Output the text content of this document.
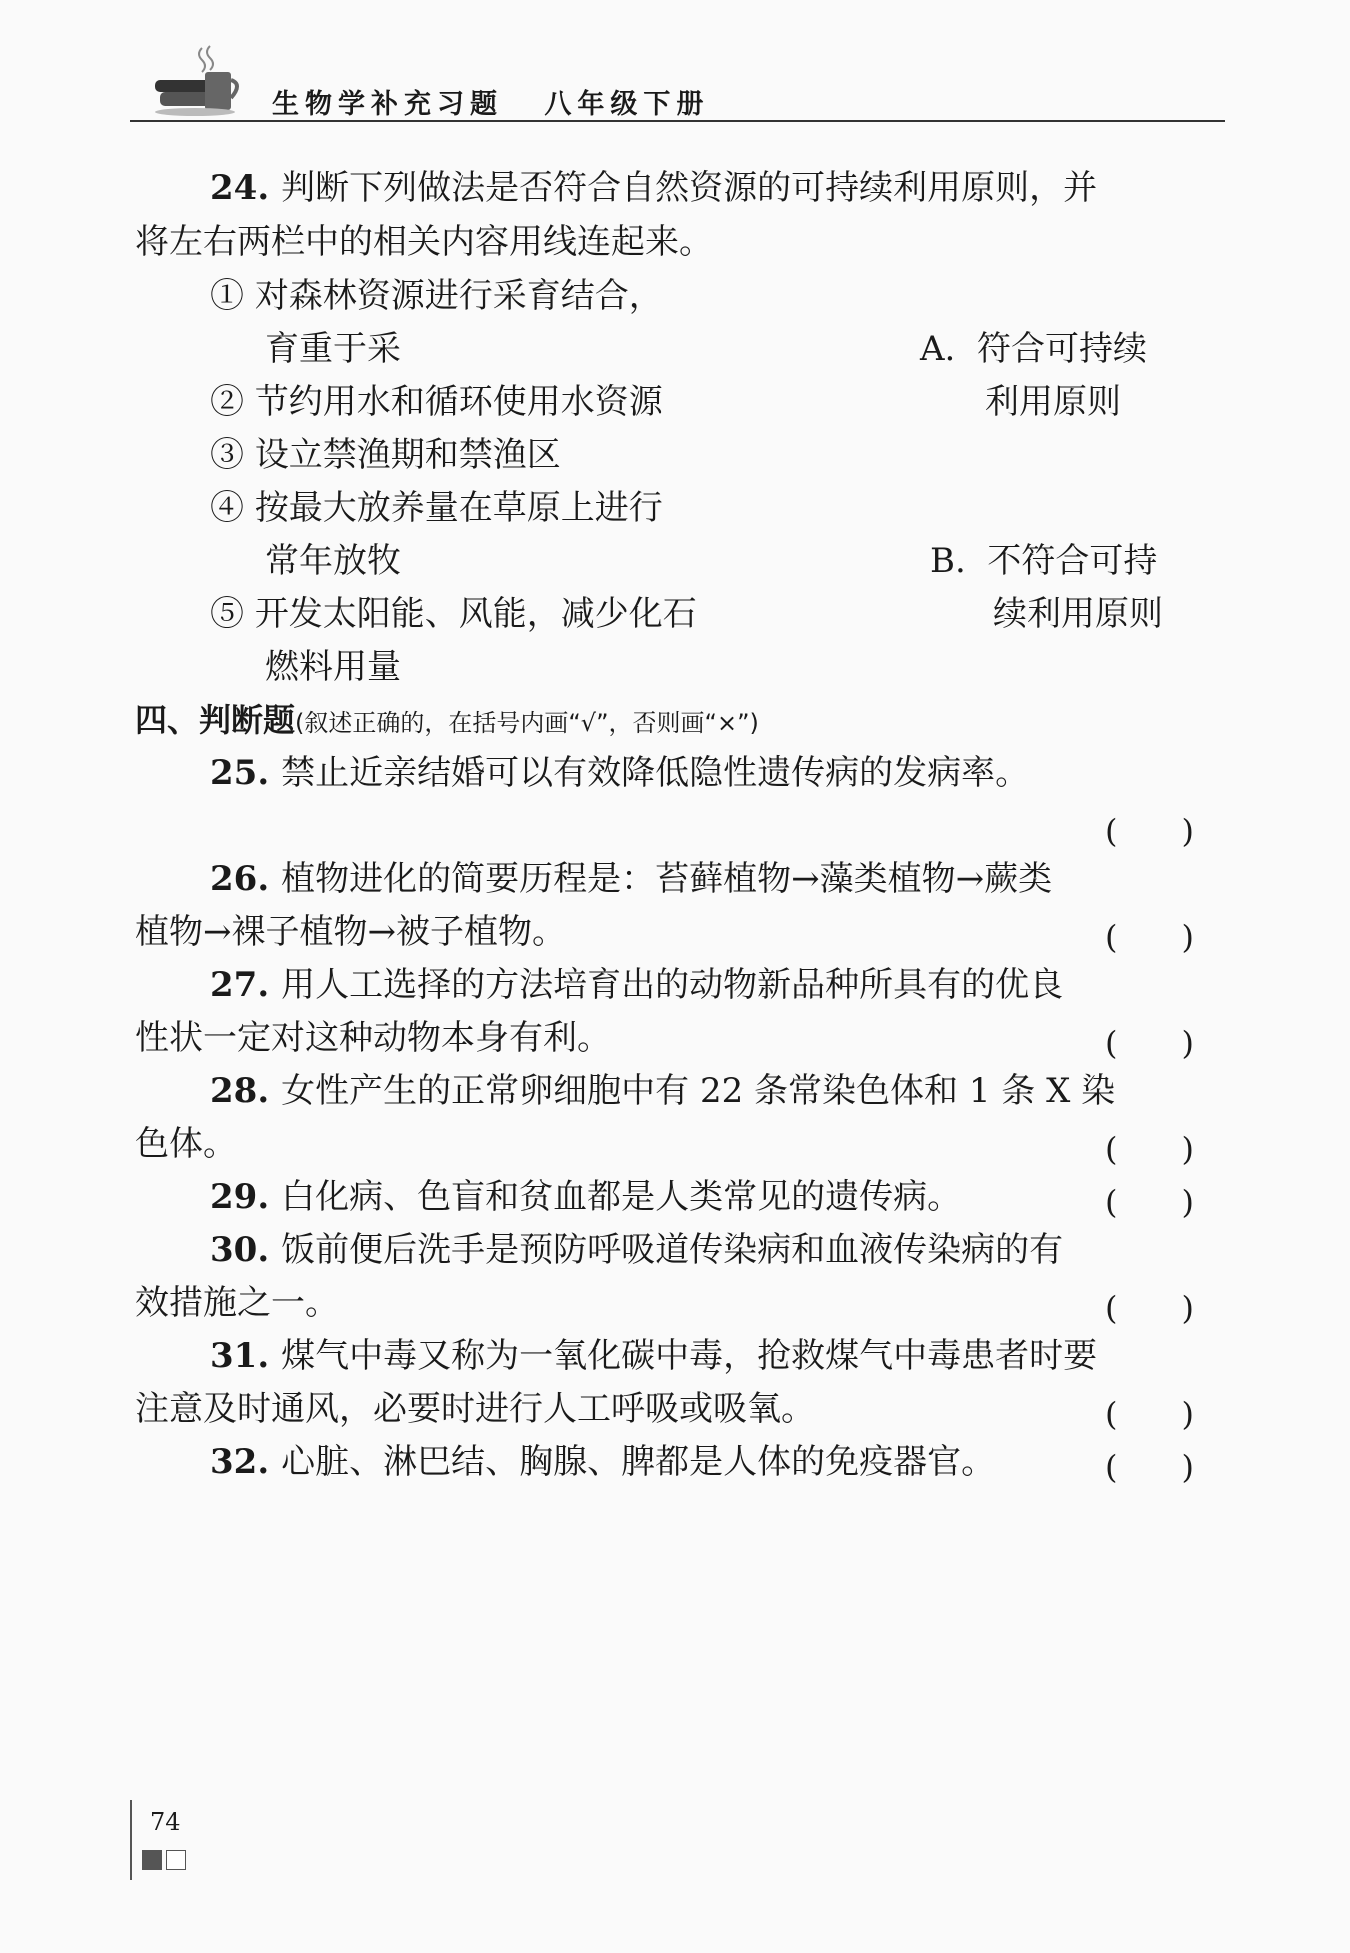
生物学补充习题 八年级下册
24. 判断下列做法是否符合自然资源的可持续利用原则，并
将左右两栏中的相关内容用线连起来。
① 对森林资源进行采育结合，
育重于采
② 节约用水和循环使用水资源
③ 设立禁渔期和禁渔区
④ 按最大放养量在草原上进行
常年放牧
⑤ 开发太阳能、风能，减少化石
燃料用量
A. 符合可持续
利用原则
B. 不符合可持
续利用原则
四、判断题(叙述正确的，在括号内画“√”，否则画“×”)
25. 禁止近亲结婚可以有效降低隐性遗传病的发病率。
(　　)
26. 植物进化的简要历程是：苔藓植物→藻类植物→蕨类
植物→裸子植物→被子植物。	(　　)
27. 用人工选择的方法培育出的动物新品种所具有的优良
性状一定对这种动物本身有利。	(　　)
28. 女性产生的正常卵细胞中有 22 条常染色体和 1 条 X 染
色体。	(　　)
29. 白化病、色盲和贫血都是人类常见的遗传病。	(　　)
30. 饭前便后洗手是预防呼吸道传染病和血液传染病的有
效措施之一。	(　　)
31. 煤气中毒又称为一氧化碳中毒，抢救煤气中毒患者时要
注意及时通风，必要时进行人工呼吸或吸氧。	(　　)
32. 心脏、淋巴结、胸腺、脾都是人体的免疫器官。	(　　)
74
